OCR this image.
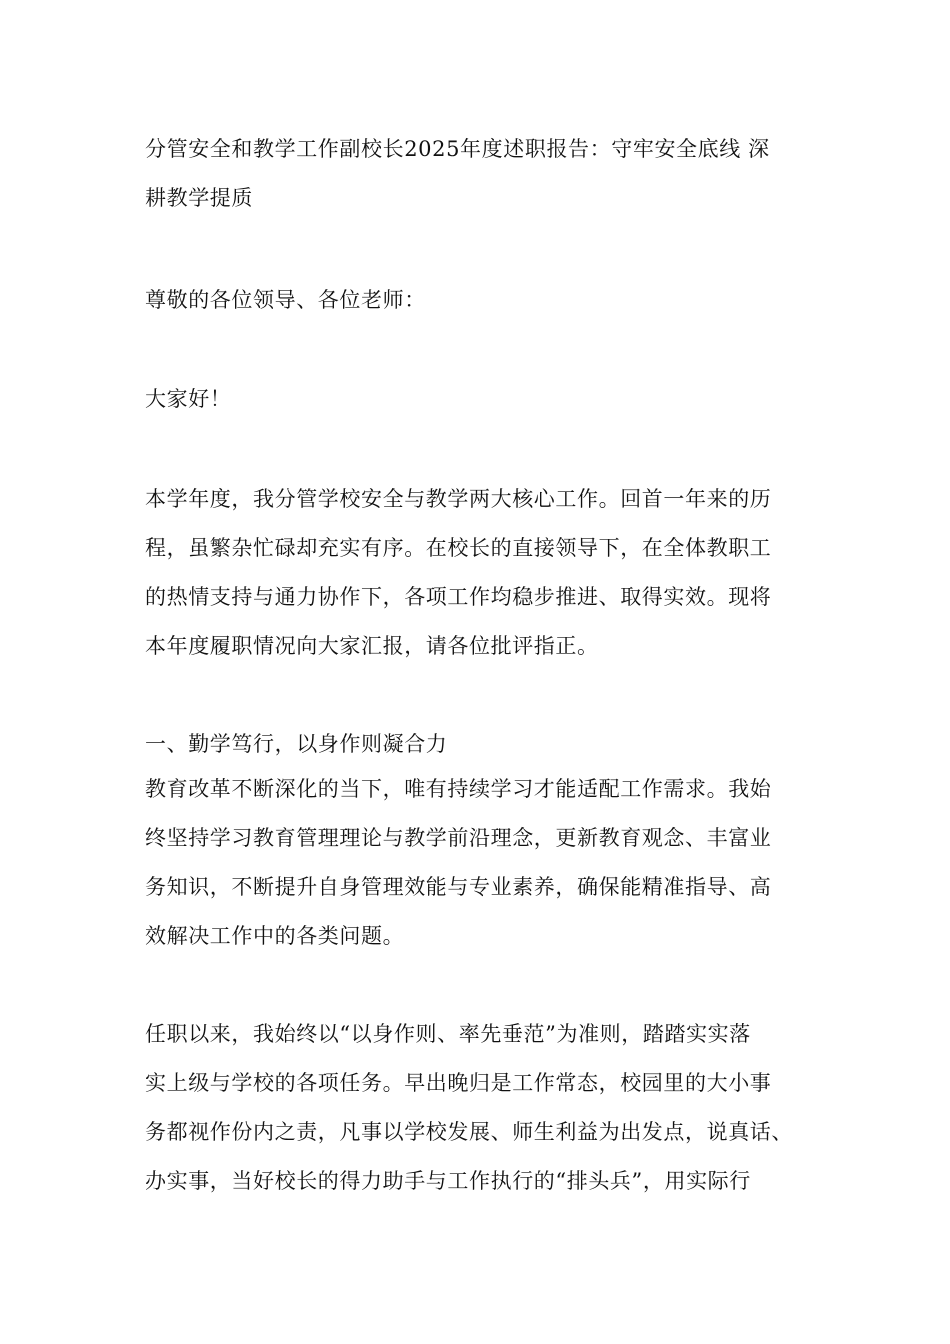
分管安全和教学工作副校长2025年度述职报告：守牢安全底线 深
耕教学提质
尊敬的各位领导、各位老师：
大家好！
本学年度，我分管学校安全与教学两大核心工作。回首一年来的历
程，虽繁杂忙碌却充实有序。在校长的直接领导下，在全体教职工
的热情支持与通力协作下，各项工作均稳步推进、取得实效。现将
本年度履职情况向大家汇报，请各位批评指正。
一、勤学笃行，以身作则凝合力
教育改革不断深化的当下，唯有持续学习才能适配工作需求。我始
终坚持学习教育管理理论与教学前沿理念，更新教育观念、丰富业
务知识，不断提升自身管理效能与专业素养，确保能精准指导、高
效解决工作中的各类问题。
任职以来，我始终以“以身作则、率先垂范”为准则，踏踏实实落
实上级与学校的各项任务。早出晚归是工作常态，校园里的大小事
务都视作份内之责，凡事以学校发展、师生利益为出发点，说真话、
办实事，当好校长的得力助手与工作执行的“排头兵”，用实际行
